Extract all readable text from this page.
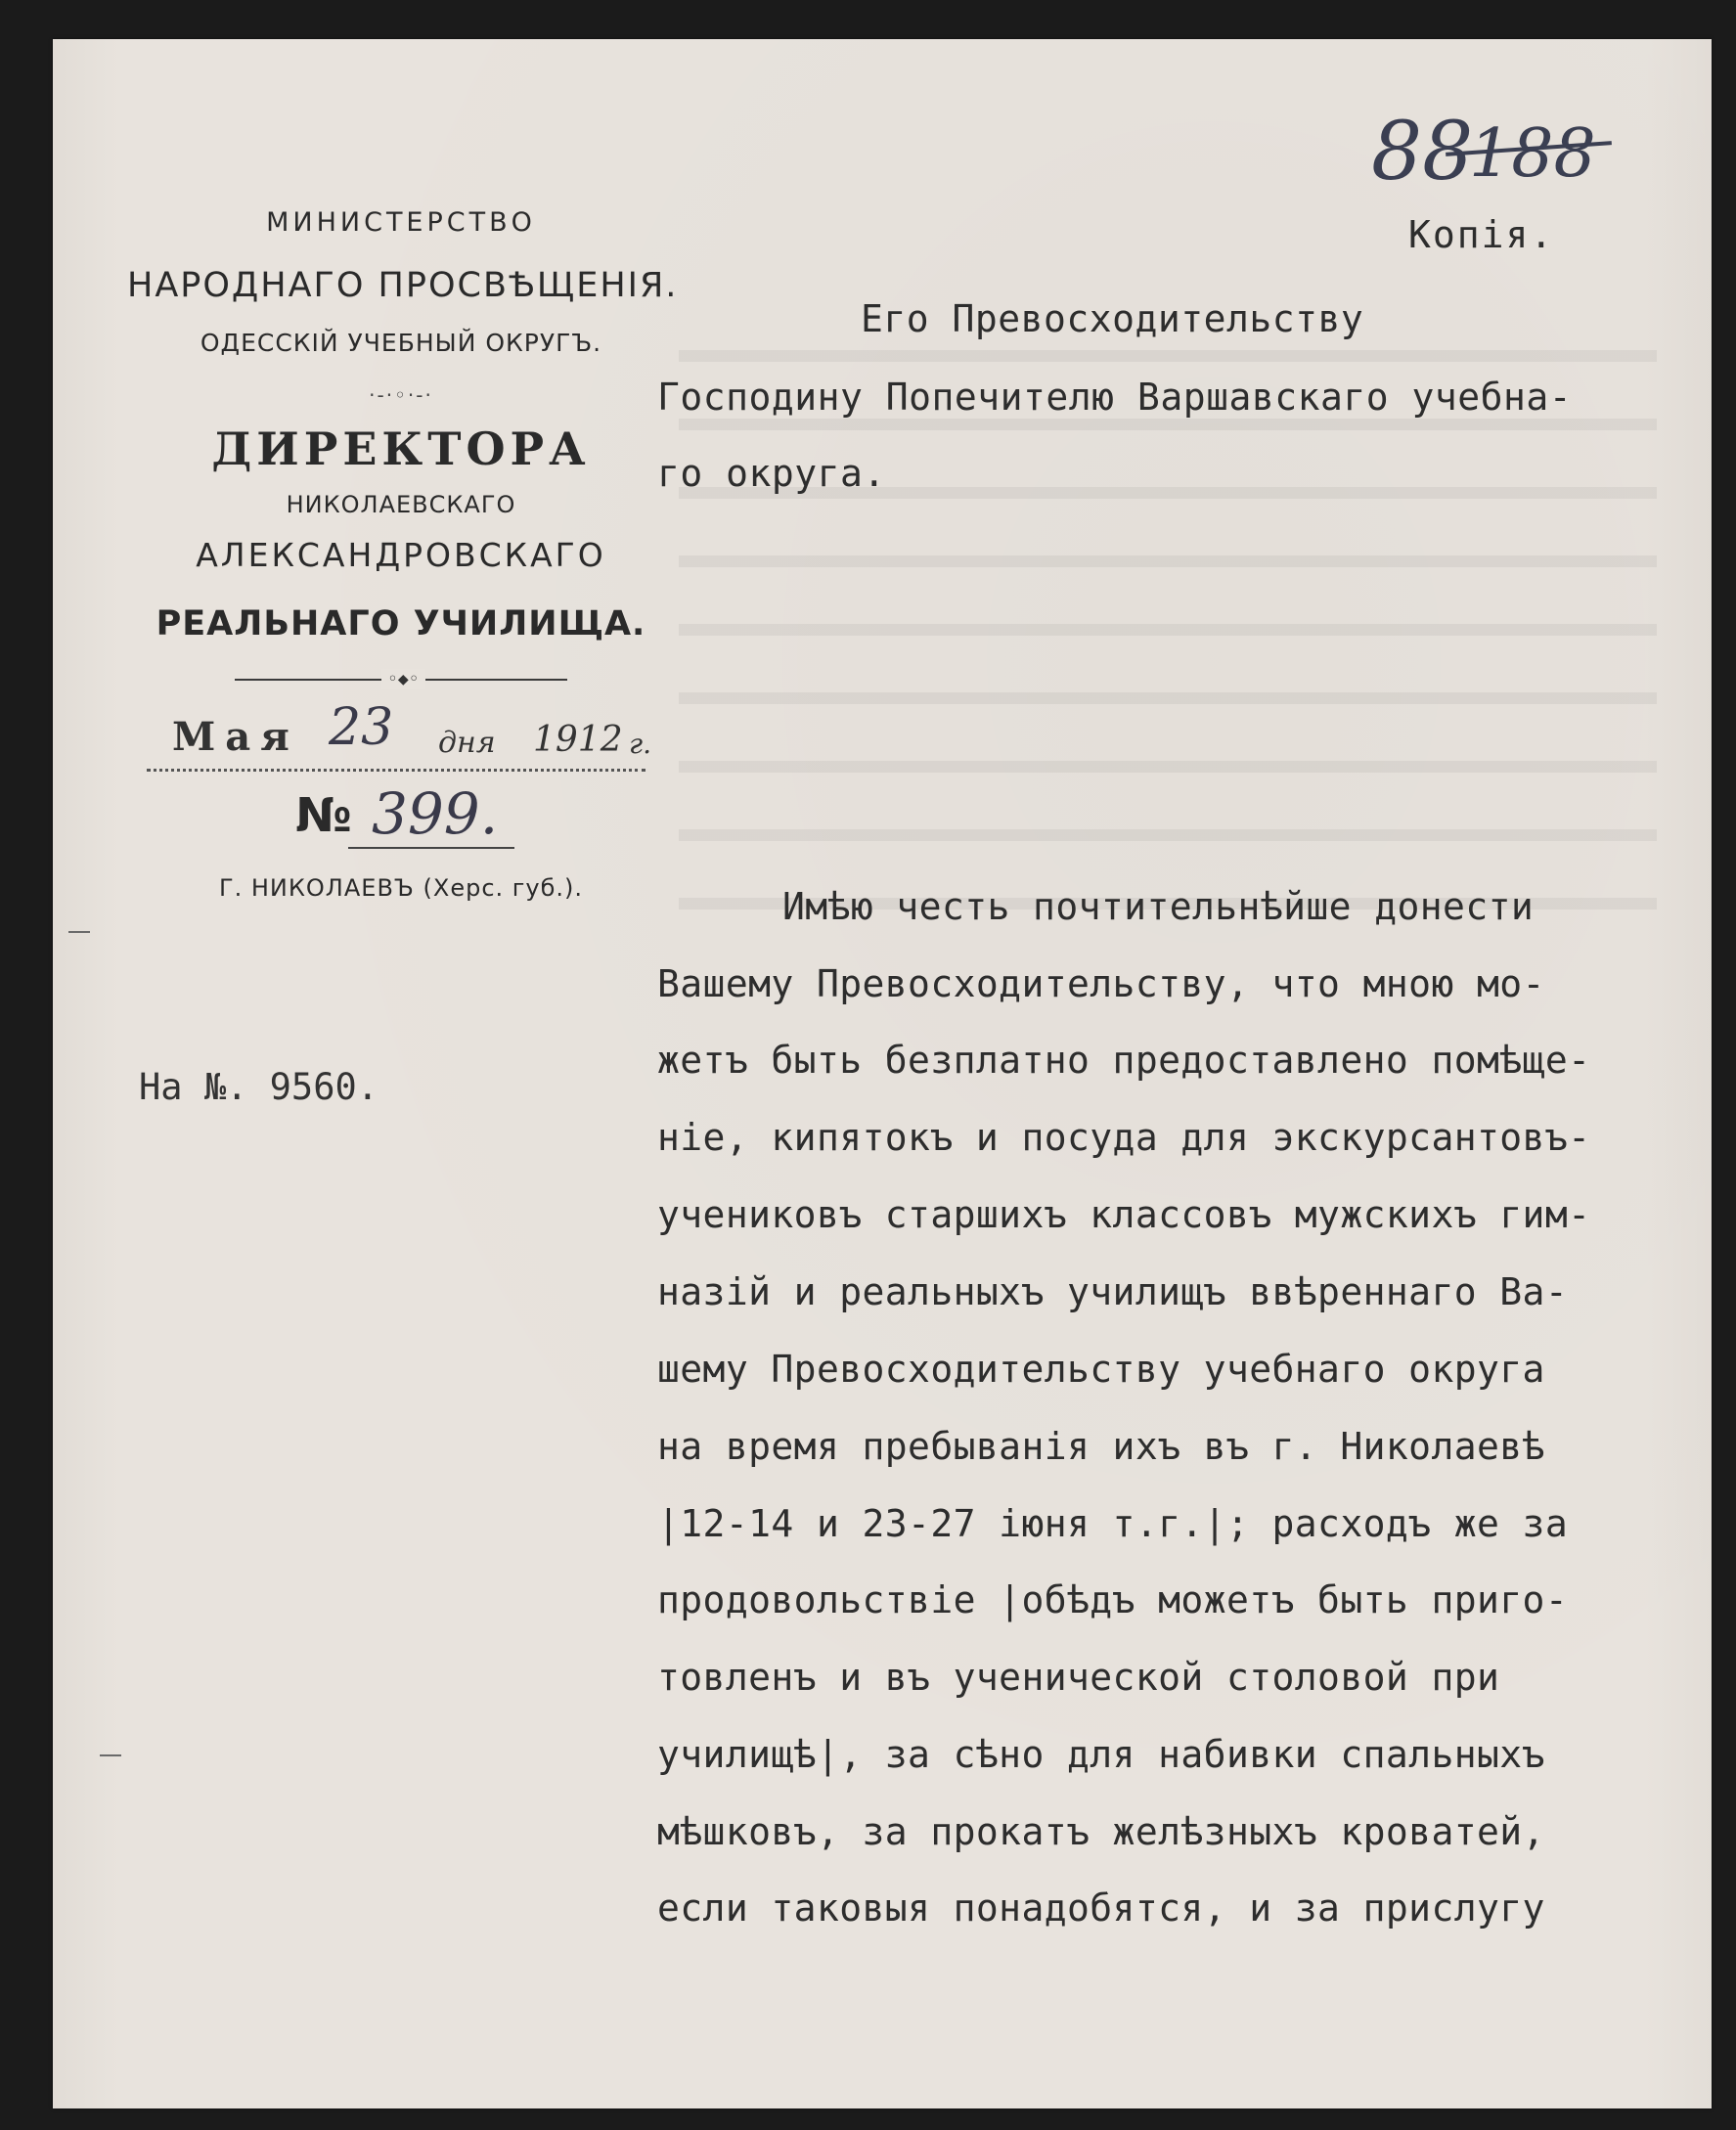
МИНИСТЕРСТВО
НАРОДНАГО ПРОСВѢЩЕНІЯ.
ОДЕССКІЙ УЧЕБНЫЙ ОКРУГЪ.
·-·◦·-·
ДИРЕКТОРА
НИКОЛАЕВСКАГО
АЛЕКСАНДРОВСКАГО
РЕАЛЬНАГО УЧИЛИЩА.
◦◆◦
Мая 23 дня 1912 г.
№ 399.
Г. НИКОЛАЕВЪ (Херс. губ.).
На №. 9560.
88
188
Копія.
Его Превосходительству
Господину Попечителю Варшавскаго учебна-
го округа.
Имѣю честь почтительнѣйше донести
Вашему Превосходительству, что мною мо-
жетъ быть безплатно предоставлено помѣще-
ніе, кипятокъ и посуда для экскурсантовъ-
учениковъ старшихъ классовъ мужскихъ гим-
назій и реальныхъ училищъ ввѣреннаго Ва-
шему Превосходительству учебнаго округа
на время пребыванія ихъ въ г. Николаевѣ
|12-14 и 23-27 іюня т.г.|; расходъ же за
продовольствіе |обѣдъ можетъ быть приго-
товленъ и въ ученической столовой при
училищѣ|, за сѣно для набивки спальныхъ
мѣшковъ, за прокатъ желѣзныхъ кроватей,
если таковыя понадобятся, и за прислугу
